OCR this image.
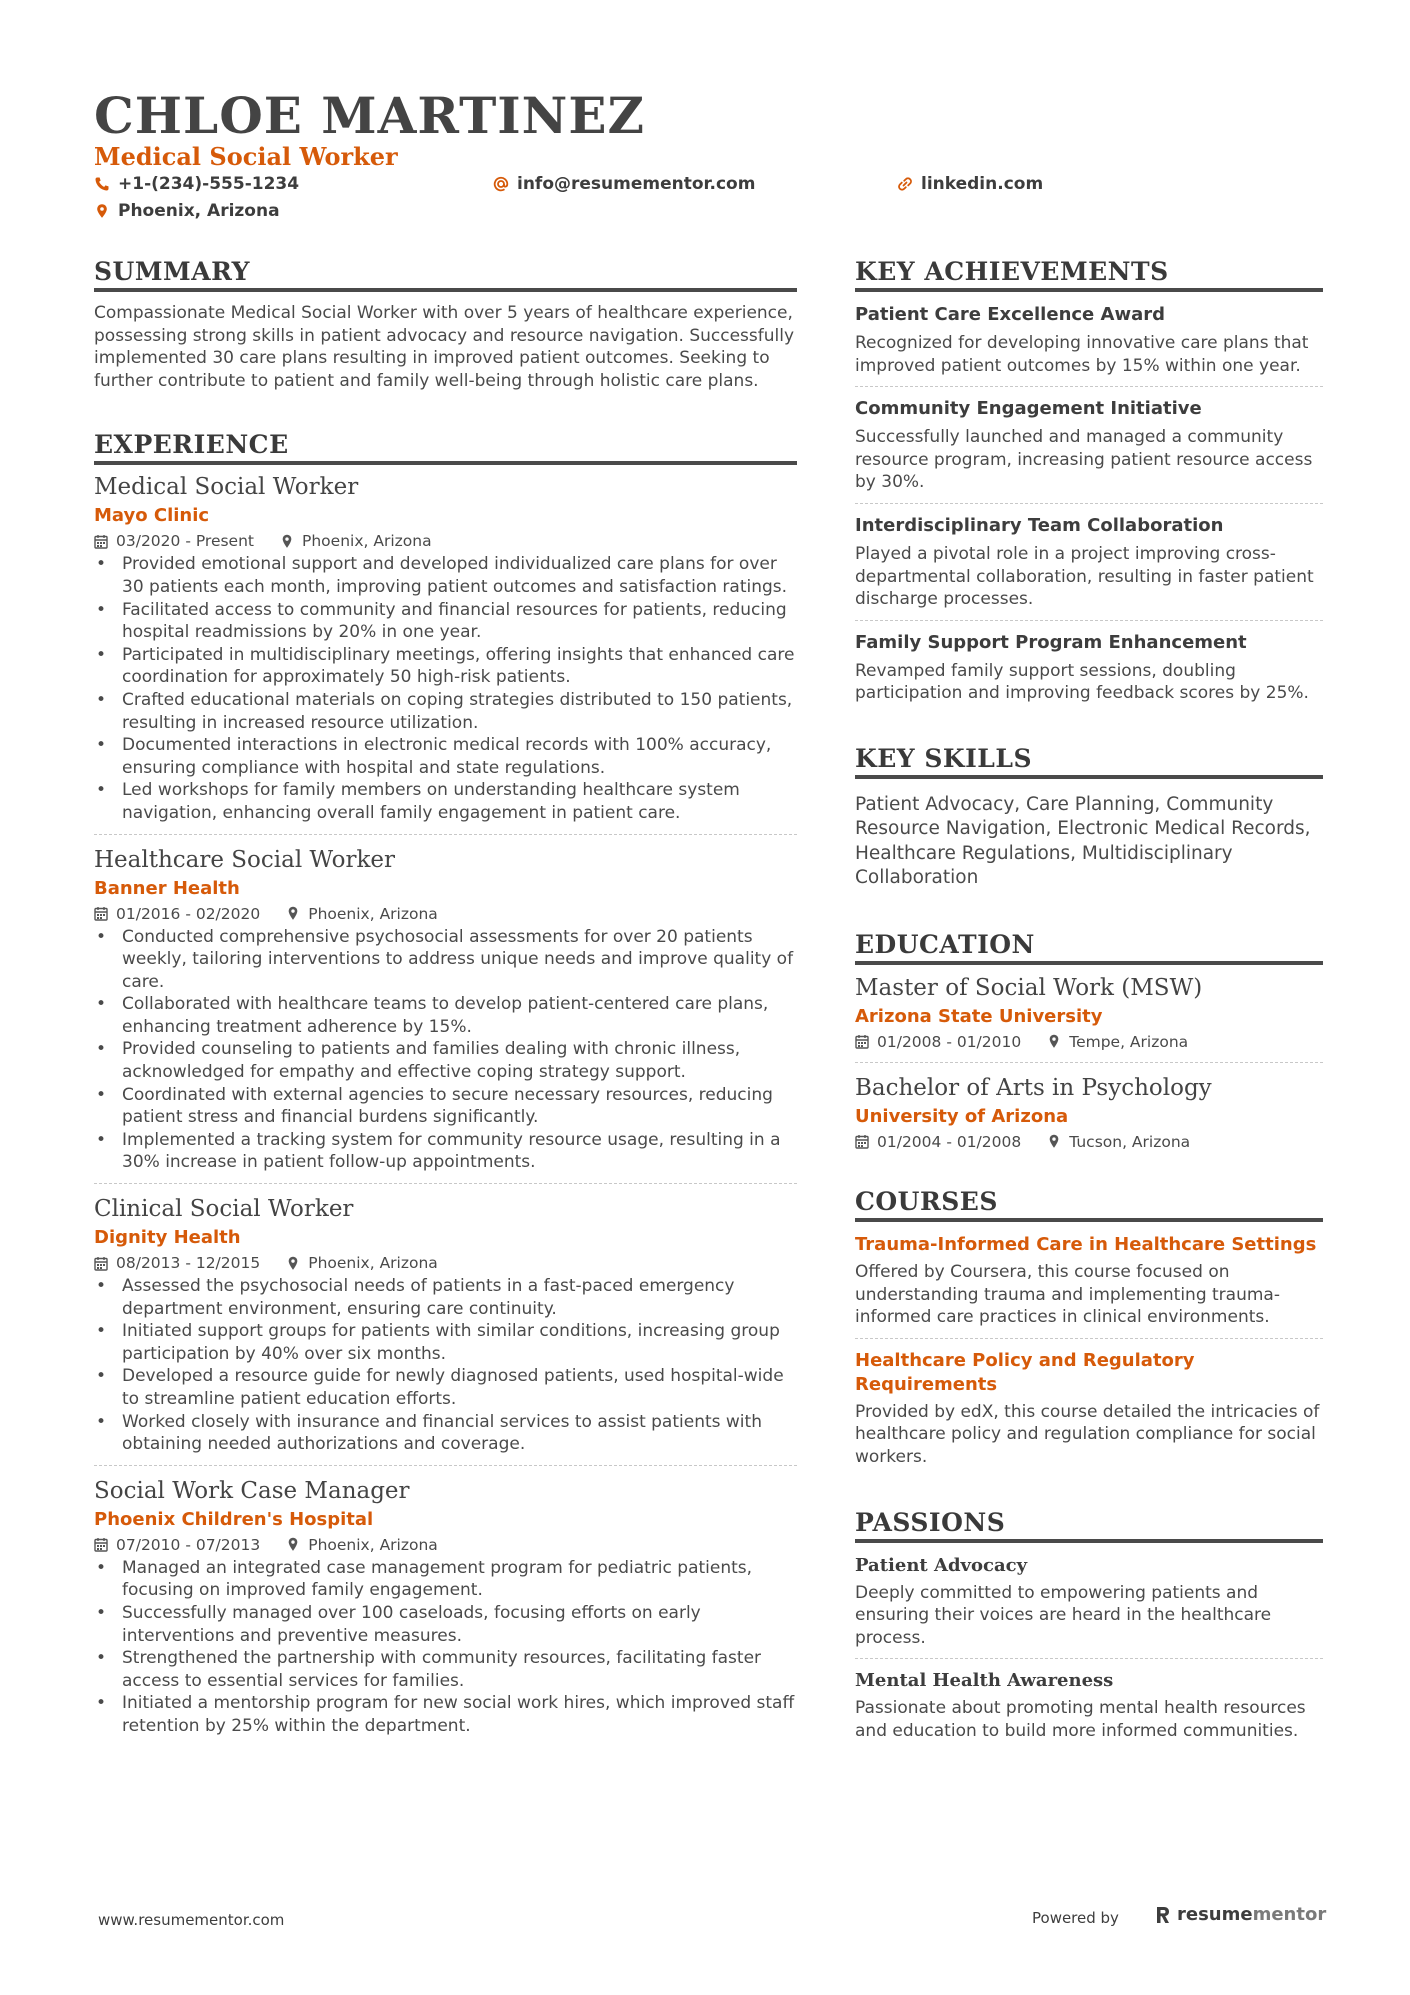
CHLOE MARTINEZ
Medical Social Worker
+1-(234)-555-1234	info@resumementor.com	linkedin.com
Phoenix, Arizona
SUMMARY

Compassionate Medical Social Worker with over 5 years of healthcare experience, possessing strong skills in patient advocacy and resource navigation. Successfully implemented 30 care plans resulting in improved patient outcomes. Seeking to further contribute to patient and family well-being through holistic care plans.

EXPERIENCE
Medical Social Worker
Mayo Clinic
03/2020 - Present	Phoenix, Arizona
• Provided emotional support and developed individualized care plans for over 30 patients each month, improving patient outcomes and satisfaction ratings.
• Facilitated access to community and financial resources for patients, reducing hospital readmissions by 20% in one year.
• Participated in multidisciplinary meetings, offering insights that enhanced care coordination for approximately 50 high-risk patients.
• Crafted educational materials on coping strategies distributed to 150 patients, resulting in increased resource utilization.
• Documented interactions in electronic medical records with 100% accuracy, ensuring compliance with hospital and state regulations.
• Led workshops for family members on understanding healthcare system navigation, enhancing overall family engagement in patient care.
Healthcare Social Worker
Banner Health
01/2016 - 02/2020	Phoenix, Arizona
• Conducted comprehensive psychosocial assessments for over 20 patients weekly, tailoring interventions to address unique needs and improve quality of care.
• Collaborated with healthcare teams to develop patient-centered care plans, enhancing treatment adherence by 15%.
• Provided counseling to patients and families dealing with chronic illness, acknowledged for empathy and effective coping strategy support.
• Coordinated with external agencies to secure necessary resources, reducing patient stress and financial burdens significantly.
• Implemented a tracking system for community resource usage, resulting in a 30% increase in patient follow-up appointments.
Clinical Social Worker
Dignity Health
08/2013 - 12/2015	Phoenix, Arizona
• Assessed the psychosocial needs of patients in a fast-paced emergency department environment, ensuring care continuity.
• Initiated support groups for patients with similar conditions, increasing group participation by 40% over six months.
• Developed a resource guide for newly diagnosed patients, used hospital-wide to streamline patient education efforts.
• Worked closely with insurance and financial services to assist patients with obtaining needed authorizations and coverage.
Social Work Case Manager
Phoenix Children's Hospital
07/2010 - 07/2013	Phoenix, Arizona
• Managed an integrated case management program for pediatric patients, focusing on improved family engagement.
• Successfully managed over 100 caseloads, focusing efforts on early interventions and preventive measures.
• Strengthened the partnership with community resources, facilitating faster access to essential services for families.
• Initiated a mentorship program for new social work hires, which improved staff retention by 25% within the department.
KEY ACHIEVEMENTS
Patient Care Excellence Award

Recognized for developing innovative care plans that improved patient outcomes by 15% within one year.

Community Engagement Initiative

Successfully launched and managed a community resource program, increasing patient resource access by 30%.

Interdisciplinary Team Collaboration

Played a pivotal role in a project improving cross-departmental collaboration, resulting in faster patient discharge processes.

Family Support Program Enhancement

Revamped family support sessions, doubling participation and improving feedback scores by 25%.

KEY SKILLS

Patient Advocacy, Care Planning, Community Resource Navigation, Electronic Medical Records, Healthcare Regulations, Multidisciplinary Collaboration

EDUCATION
Master of Social Work (MSW)
Arizona State University
01/2008 - 01/2010	Tempe, Arizona
Bachelor of Arts in Psychology
University of Arizona
01/2004 - 01/2008	Tucson, Arizona
COURSES
Trauma-Informed Care in Healthcare Settings

Offered by Coursera, this course focused on understanding trauma and implementing trauma-informed care practices in clinical environments.

Healthcare Policy and Regulatory Requirements

Provided by edX, this course detailed the intricacies of healthcare policy and regulation compliance for social workers.

PASSIONS
Patient Advocacy

Deeply committed to empowering patients and ensuring their voices are heard in the healthcare process.

Mental Health Awareness

Passionate about promoting mental health resources and education to build more informed communities.

www.resumementor.com	Powered by	resume mentor
